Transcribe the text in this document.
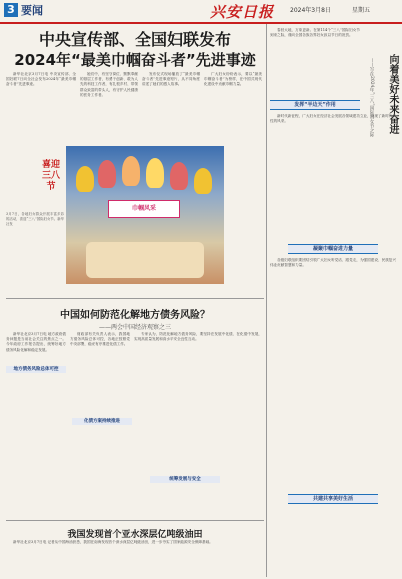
3 要闻	兴安日报	2024年3月8日	星期五

中央宣传部、全国妇联发布

2024年“最美巾帼奋斗者”先进事迹

新华社北京3月7日电 中央宣传部、全国妇联7日向全社会发布2024年“最美巾帼奋斗者”先进事迹。

她们中，有坚守岗位、默默奉献的基层工作者，有勇于创新、敢为人先的科技工作者，有扎根乡村、带领群众致富的带头人，有守护人民健康的医务工作者。

发布仪式现场播放了“最美巾帼奋斗者”先进事迹短片，从不同角度讲述了她们的感人故事。

广大妇女纷纷表示，要以“最美巾帼奋斗者”为榜样，在中国式现代化建设中贡献巾帼力量。

巾帼风采
喜迎三八节
3月7日，各地妇女群众开展丰富多彩的活动，喜迎“三八”国际妇女节。新华社发
向着美好未来奋进
——写在2024年“三八”国际妇女节之际

春回大地，万象更新。在第114个“三八”国际妇女节到来之际，谨向全国各族各界妇女致以节日的祝贺。

发挥“半边天”作用

新时代新征程，广大妇女在经济社会发展各领域建功立业，展现了新时代女性的风采。

凝聚巾帼奋进力量

各级妇联组织要团结引领广大妇女听党话、跟党走，为强国建设、民族复兴伟业贡献智慧和力量。

共建共享美好生活
中国如何防范化解地方债务风险？
——两会中国经济观察之三

新华社北京3月7日电 地方政府债务问题是当前社会关注的焦点之一。今年政府工作报告提出，统筹好地方债务风险化解和稳定发展。

地方债务风险总体可控

财政部有关负责人表示，我国地方债务风险总体可控，各地正按照党中央部署，稳妥有序推进化债工作。

化债方案持续推进

专家认为，防范化解地方债务风险，要坚持在发展中化债、在化债中发展，实现高质量发展和高水平安全良性互动。

统筹发展与安全
我国发现首个亚水深层亿吨级油田

新华社北京3月7日电 记者从中国海油获悉，我国在南海发现首个深水深层亿吨级油田，进一步夯实了国家能源安全保障基础。
